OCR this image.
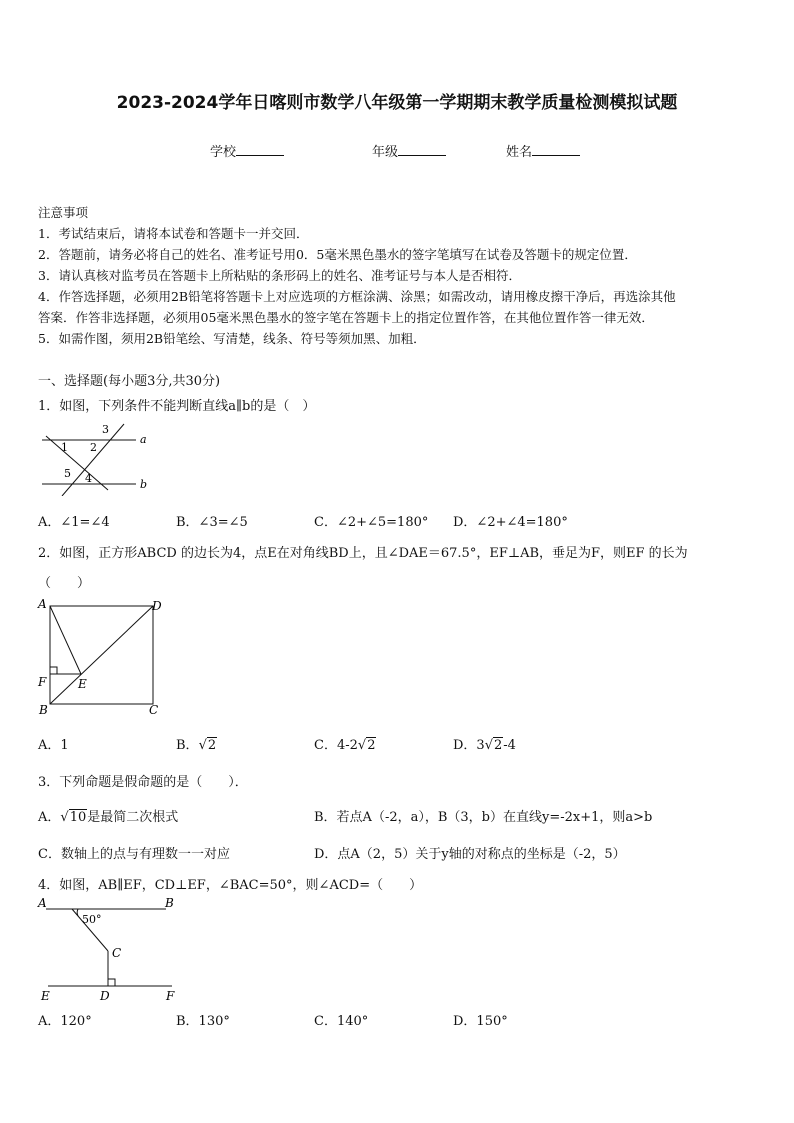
2023-2024学年日喀则市数学八年级第一学期期末教学质量检测模拟试题
学校	年级	姓名
注意事项
1．考试结束后，请将本试卷和答题卡一并交回．
2．答题前，请务必将自己的姓名、准考证号用0．5毫米黑色墨水的签字笔填写在试卷及答题卡的规定位置．
3．请认真核对监考员在答题卡上所粘贴的条形码上的姓名、准考证号与本人是否相符．
4．作答选择题，必须用2B铅笔将答题卡上对应选项的方框涂满、涂黑；如需改动，请用橡皮擦干净后，再选涂其他
答案．作答非选择题，必须用05毫米黑色墨水的签字笔在答题卡上的指定位置作答，在其他位置作答一律无效．
5．如需作图，须用2B铅笔绘、写清楚，线条、符号等须加黑、加粗．
一、选择题(每小题3分,共30分)
1．如图，下列条件不能判断直线a∥b的是（　）
1 2
3
4
5
a
b
A．∠1=∠4	B．∠3=∠5	C．∠2+∠5=180° D．∠2+∠4=180°
2．如图，正方形ABCD 的边长为4，点E在对角线BD上，且∠DAE＝67.5°，EF⊥AB，垂足为F，则EF 的长为
（　　）
A	D
F	E
B	C
A．1	B．√2	C．4-2√2	D．3√2-4
3．下列命题是假命题的是（　　）．
A．√10是最简二次根式	B．若点A（-2，a），B（3，b）在直线y=-2x+1，则a>b
C．数轴上的点与有理数一一对应	D．点A（2，5）关于y轴的对称点的坐标是（-2，5）
4．如图，AB∥EF，CD⊥EF，∠BAC=50°，则∠ACD=（　　）
A	B
50°
C
E	D	F
A．120°	B．130°	C．140°	D．150°
